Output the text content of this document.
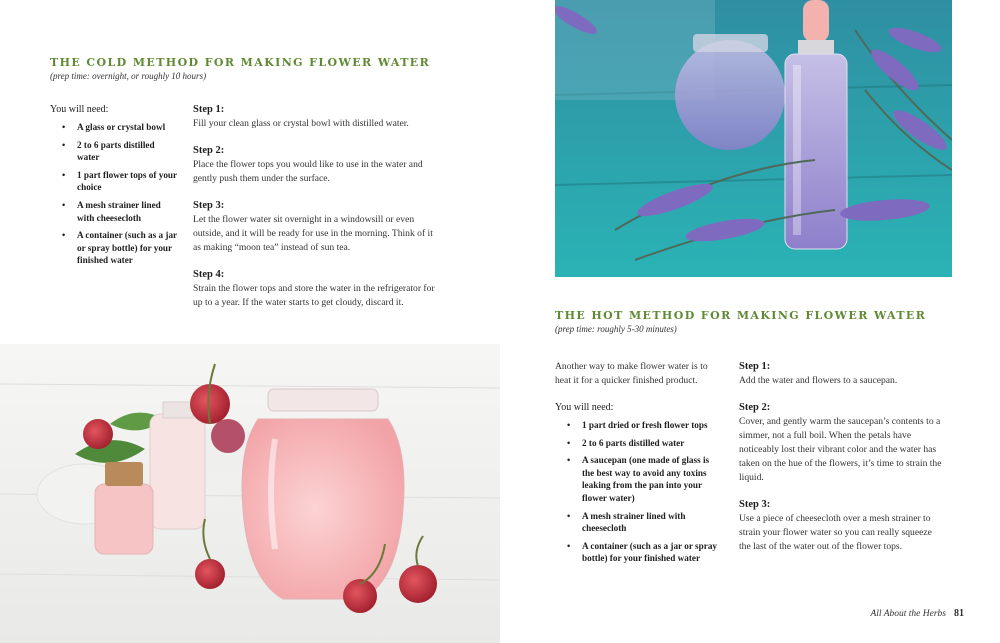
THE COLD METHOD FOR MAKING FLOWER WATER
(prep time: overnight, or roughly 10 hours)
You will need:
• A glass or crystal bowl
• 2 to 6 parts distilled water
• 1 part flower tops of your choice
• A mesh strainer lined with cheesecloth
• A container (such as a jar or spray bottle) for your finished water
Step 1:

Fill your clean glass or crystal bowl with distilled water.

Step 2:

Place the flower tops you would like to use in the water and gently push them under the surface.

Step 3:

Let the flower water sit overnight in a windowsill or even outside, and it will be ready for use in the morning. Think of it as making “moon tea” instead of sun tea.

Step 4:

Strain the flower tops and store the water in the refrigerator for up to a year. If the water starts to get cloudy, discard it.

THE HOT METHOD FOR MAKING FLOWER WATER
(prep time: roughly 5-30 minutes)
Another way to make flower water is to heat it for a quicker finished product.
You will need:
• 1 part dried or fresh flower tops
• 2 to 6 parts distilled water
• A saucepan (one made of glass is the best way to avoid any toxins leaking from the pan into your flower water)
• A mesh strainer lined with cheesecloth
• A container (such as a jar or spray bottle) for your finished water
Step 1:

Add the water and flowers to a saucepan.

Step 2:

Cover, and gently warm the saucepan’s contents to a simmer, not a full boil. When the petals have noticeably lost their vibrant color and the water has taken on the hue of the flowers, it’s time to strain the liquid.

Step 3:

Use a piece of cheesecloth over a mesh strainer to strain your flower water so you can really squeeze the last of the water out of the flower tops.

All About the Herbs 81
